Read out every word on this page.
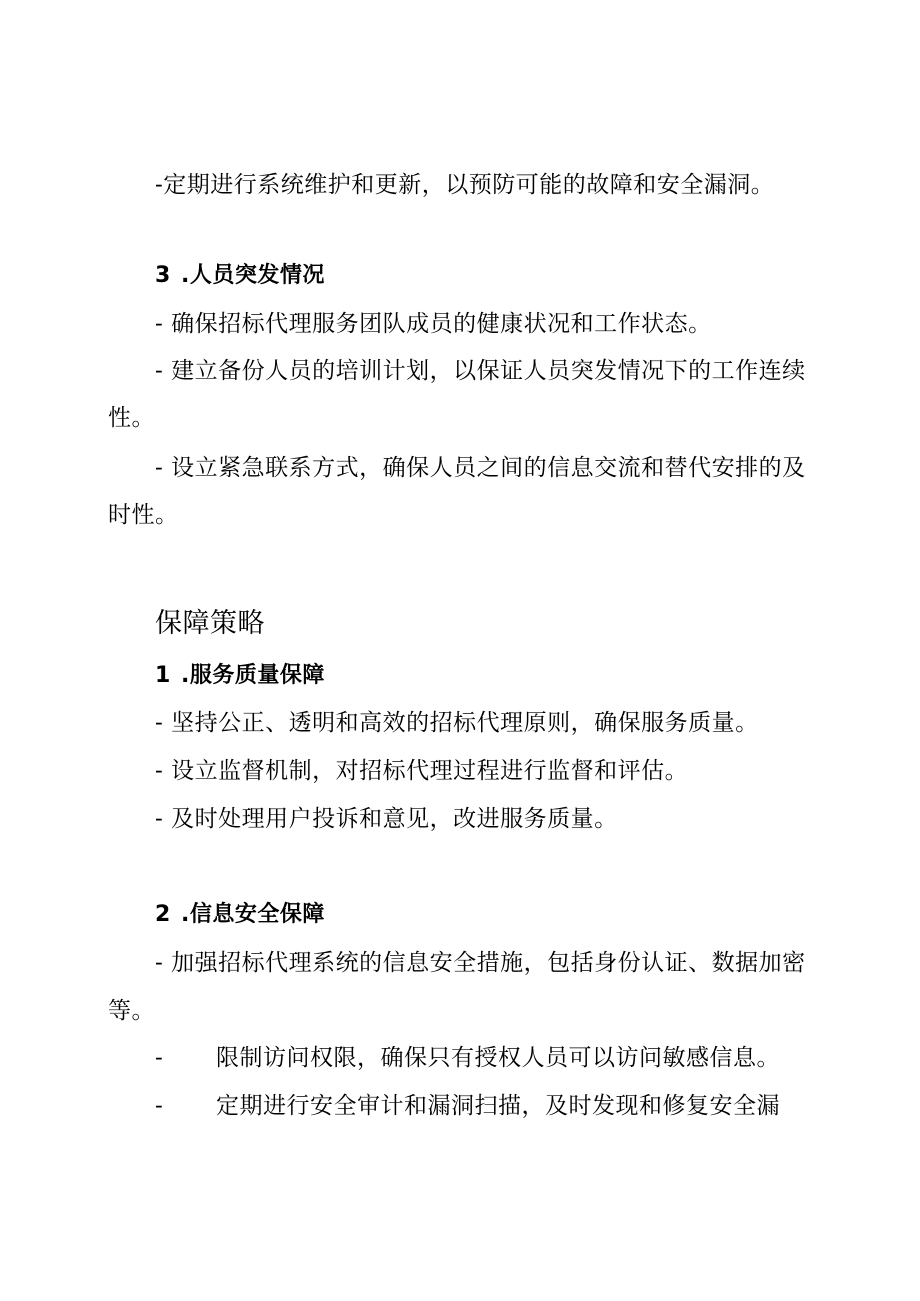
-定期进行系统维护和更新，以预防可能的故障和安全漏洞。
3 .人员突发情况
- 确保招标代理服务团队成员的健康状况和工作状态。
- 建立备份人员的培训计划，以保证人员突发情况下的工作连续
性。
- 设立紧急联系方式，确保人员之间的信息交流和替代安排的及
时性。
保障策略
1 .服务质量保障
- 坚持公正、透明和高效的招标代理原则，确保服务质量。
- 设立监督机制，对招标代理过程进行监督和评估。
- 及时处理用户投诉和意见，改进服务质量。
2 .信息安全保障
- 加强招标代理系统的信息安全措施，包括身份认证、数据加密
等。
- 限制访问权限，确保只有授权人员可以访问敏感信息。
- 定期进行安全审计和漏洞扫描，及时发现和修复安全漏
